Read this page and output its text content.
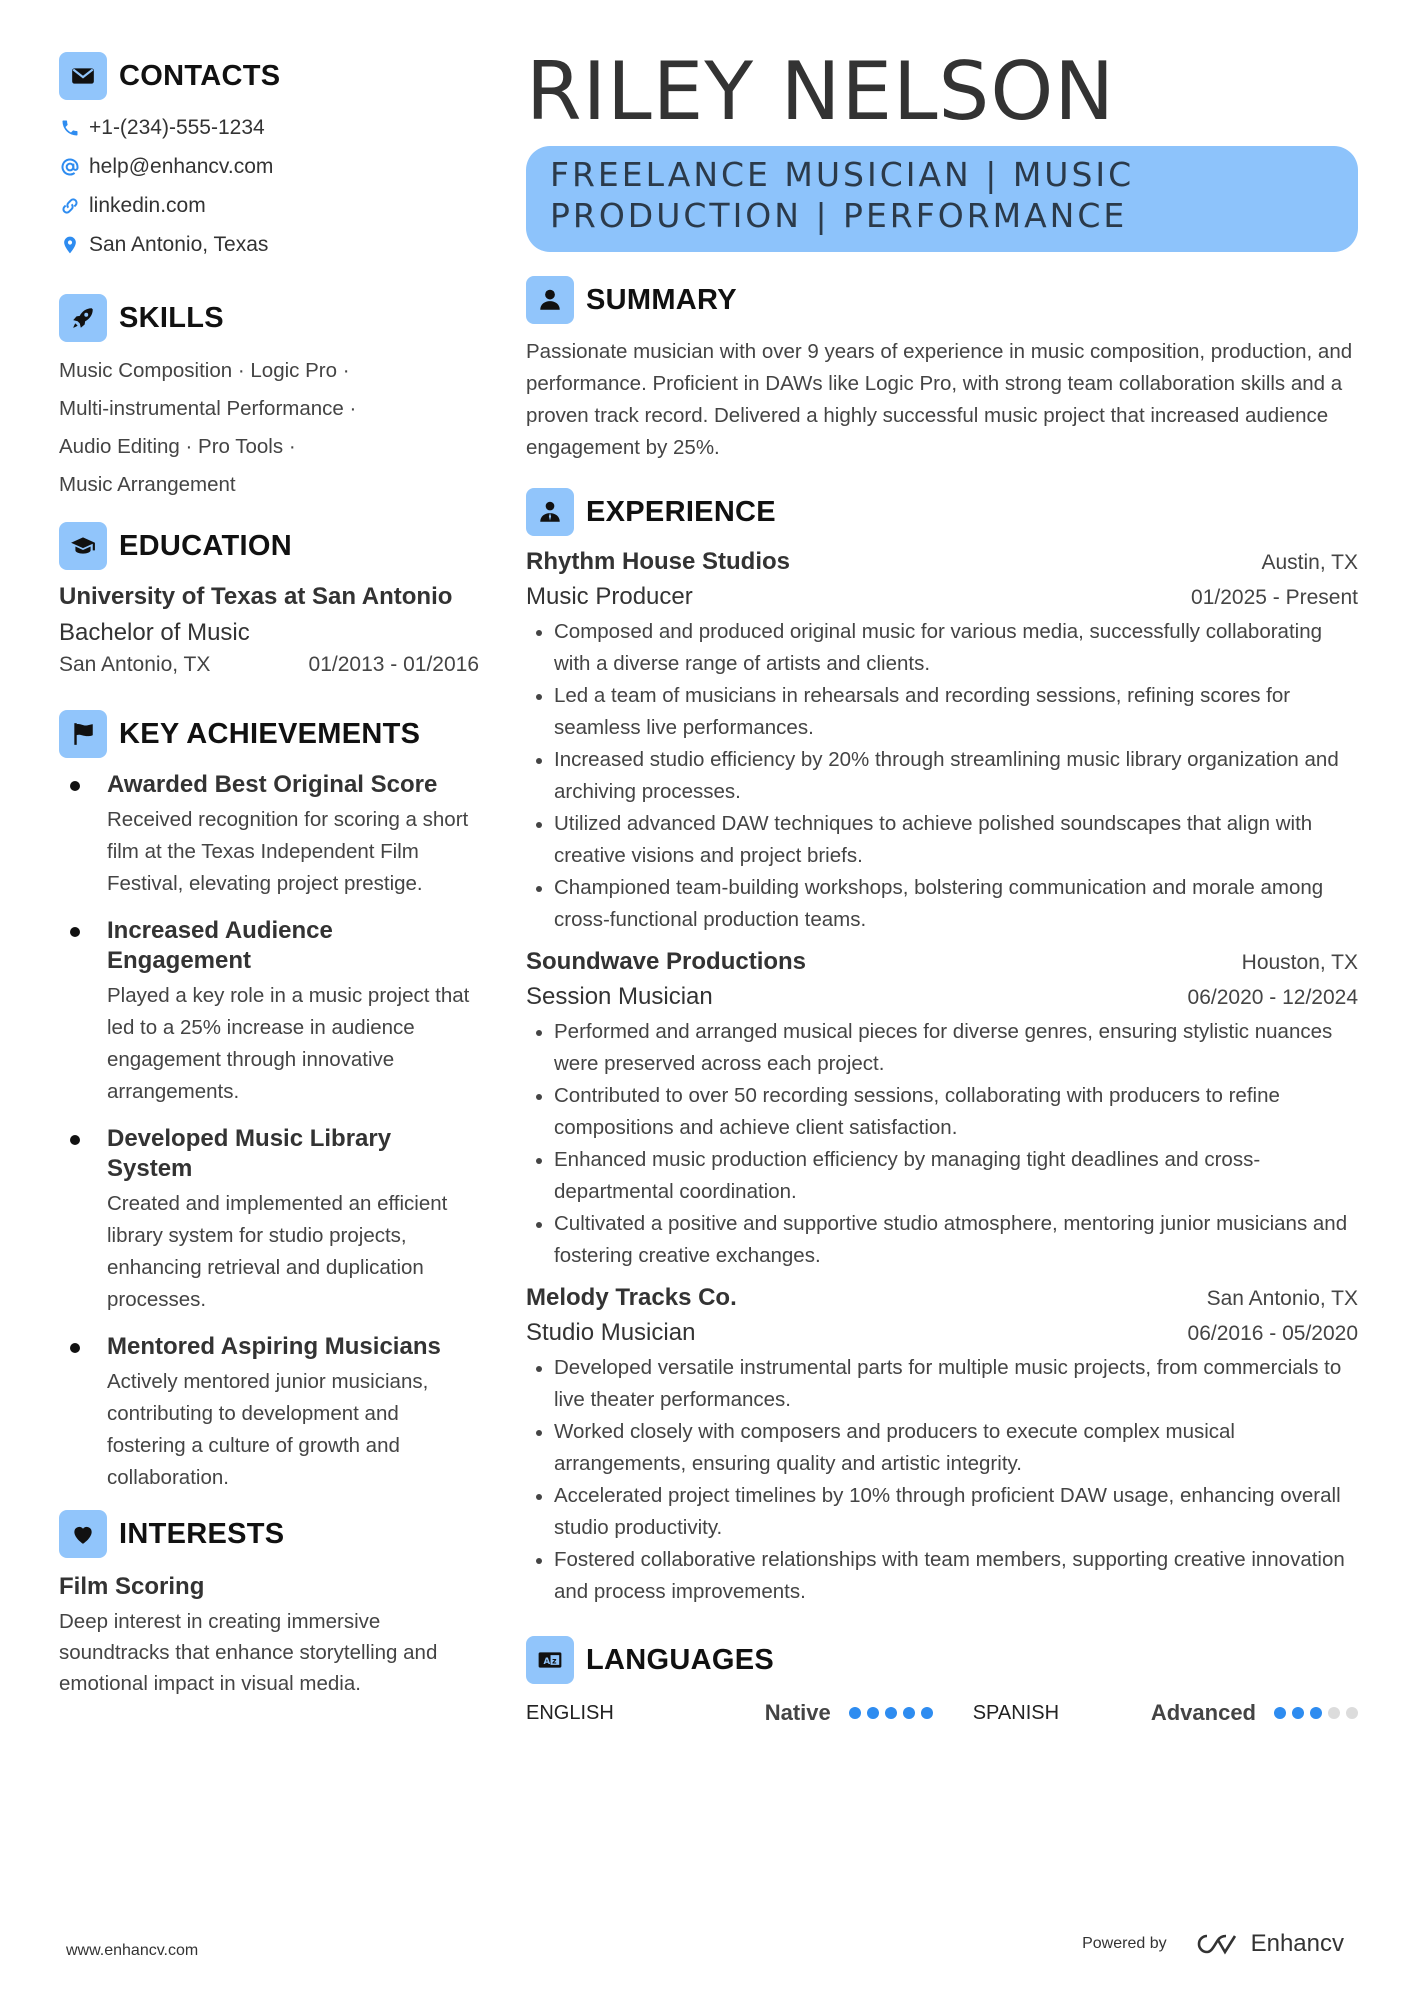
CONTACTS
+1-(234)-555-1234
help@enhancv.com
linkedin.com
San Antonio, Texas
SKILLS
Music Composition · Logic Pro ·
Multi-instrumental Performance ·
Audio Editing · Pro Tools ·
Music Arrangement
EDUCATION
University of Texas at San Antonio
Bachelor of Music
San Antonio, TX	01/2013 - 01/2016
KEY ACHIEVEMENTS
Awarded Best Original Score
Received recognition for scoring a short film at the Texas Independent Film Festival, elevating project prestige.
Increased Audience Engagement
Played a key role in a music project that led to a 25% increase in audience engagement through innovative arrangements.
Developed Music Library System
Created and implemented an efficient library system for studio projects, enhancing retrieval and duplication processes.
Mentored Aspiring Musicians
Actively mentored junior musicians, contributing to development and fostering a culture of growth and collaboration.
INTERESTS
Film Scoring
Deep interest in creating immersive soundtracks that enhance storytelling and emotional impact in visual media.
RILEY NELSON
FREELANCE MUSICIAN | MUSIC
PRODUCTION | PERFORMANCE
SUMMARY
Passionate musician with over 9 years of experience in music composition, production, and performance. Proficient in DAWs like Logic Pro, with strong team collaboration skills and a proven track record. Delivered a highly successful music project that increased audience engagement by 25%.
EXPERIENCE
Rhythm House Studios	Austin, TX
Music Producer	01/2025 - Present
Composed and produced original music for various media, successfully collaborating with a diverse range of artists and clients.
Led a team of musicians in rehearsals and recording sessions, refining scores for seamless live performances.
Increased studio efficiency by 20% through streamlining music library organization and archiving processes.
Utilized advanced DAW techniques to achieve polished soundscapes that align with creative visions and project briefs.
Championed team-building workshops, bolstering communication and morale among cross-functional production teams.
Soundwave Productions	Houston, TX
Session Musician	06/2020 - 12/2024
Performed and arranged musical pieces for diverse genres, ensuring stylistic nuances were preserved across each project.
Contributed to over 50 recording sessions, collaborating with producers to refine compositions and achieve client satisfaction.
Enhanced music production efficiency by managing tight deadlines and cross-departmental coordination.
Cultivated a positive and supportive studio atmosphere, mentoring junior musicians and fostering creative exchanges.
Melody Tracks Co.	San Antonio, TX
Studio Musician	06/2016 - 05/2020
Developed versatile instrumental parts for multiple music projects, from commercials to live theater performances.
Worked closely with composers and producers to execute complex musical arrangements, ensuring quality and artistic integrity.
Accelerated project timelines by 10% through proficient DAW usage, enhancing overall studio productivity.
Fostered collaborative relationships with team members, supporting creative innovation and process improvements.
A z LANGUAGES
ENGLISH	Native	SPANISH	Advanced
www.enhancv.com	Powered by	Enhancv
